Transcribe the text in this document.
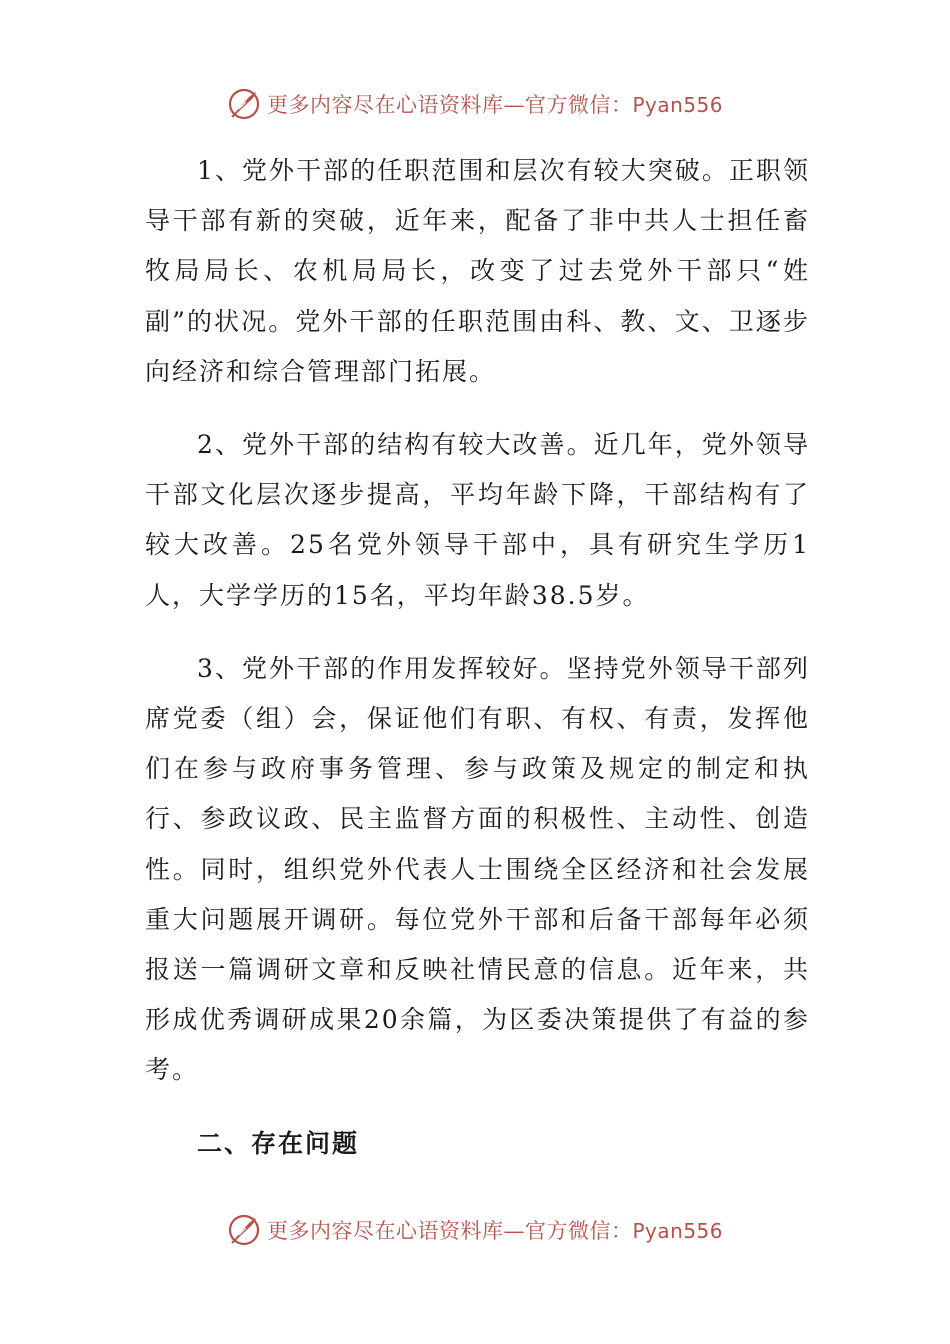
更多内容尽在心语资料库—官方微信：Pyan556

1、党外干部的任职范围和层次有较大突破。正职领导干部有新的突破，近年来，配备了非中共人士担任畜牧局局长、农机局局长，改变了过去党外干部只“姓副”的状况。党外干部的任职范围由科、教、文、卫逐步向经济和综合管理部门拓展。

2、党外干部的结构有较大改善。近几年，党外领导干部文化层次逐步提高，平均年龄下降，干部结构有了较大改善。25名党外领导干部中，具有研究生学历1人，大学学历的15名，平均年龄38.5岁。

3、党外干部的作用发挥较好。坚持党外领导干部列席党委（组）会，保证他们有职、有权、有责，发挥他们在参与政府事务管理、参与政策及规定的制定和执行、参政议政、民主监督方面的积极性、主动性、创造性。同时，组织党外代表人士围绕全区经济和社会发展重大问题展开调研。每位党外干部和后备干部每年必须报送一篇调研文章和反映社情民意的信息。近年来，共形成优秀调研成果20余篇，为区委决策提供了有益的参考。

二、存在问题

更多内容尽在心语资料库—官方微信：Pyan556
